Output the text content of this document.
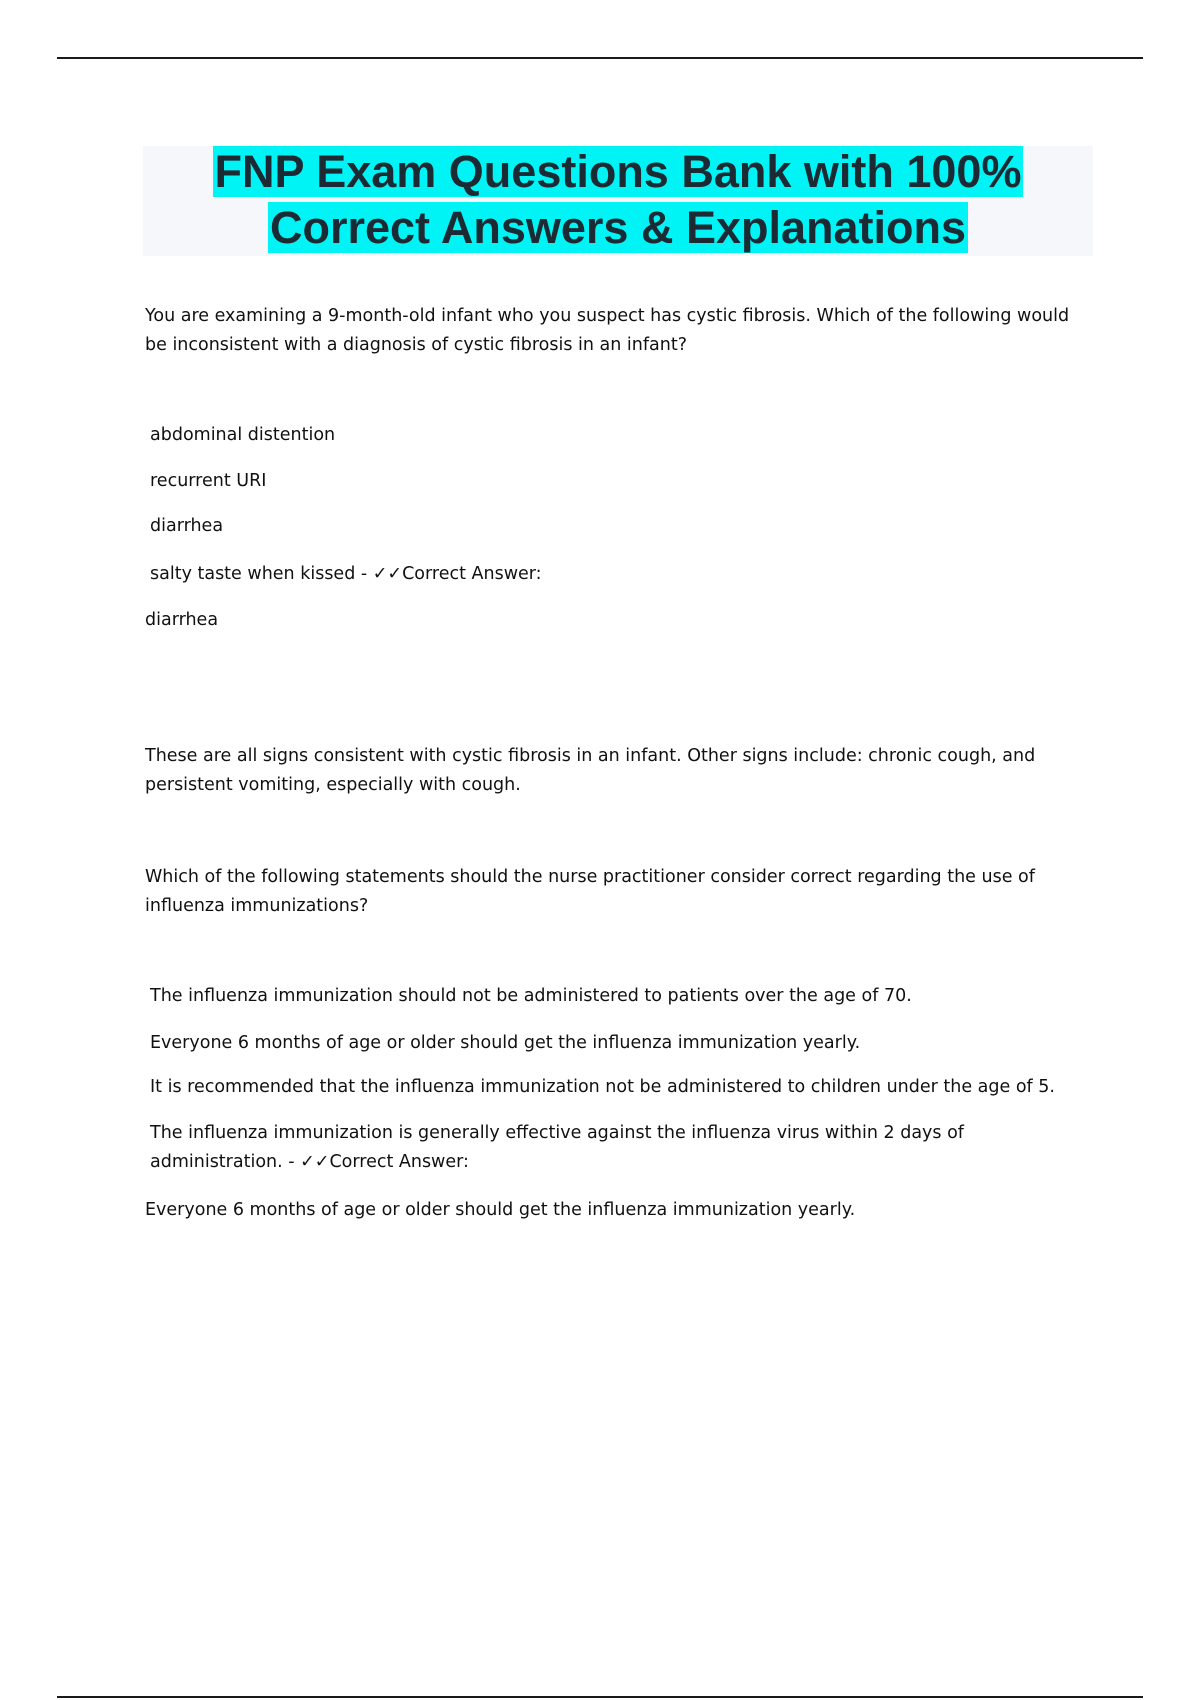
FNP Exam Questions Bank with 100%
Correct Answers & Explanations

You are examining a 9-month-old infant who you suspect has cystic fibrosis. Which of the following would be inconsistent with a diagnosis of cystic fibrosis in an infant?

abdominal distention

recurrent URI

diarrhea

salty taste when kissed - ✓✓Correct Answer:

diarrhea

These are all signs consistent with cystic fibrosis in an infant. Other signs include: chronic cough, and persistent vomiting, especially with cough.

Which of the following statements should the nurse practitioner consider correct regarding the use of influenza immunizations?

The influenza immunization should not be administered to patients over the age of 70.

Everyone 6 months of age or older should get the influenza immunization yearly.

It is recommended that the influenza immunization not be administered to children under the age of 5.

The influenza immunization is generally effective against the influenza virus within 2 days of administration. - ✓✓Correct Answer:

Everyone 6 months of age or older should get the influenza immunization yearly.
